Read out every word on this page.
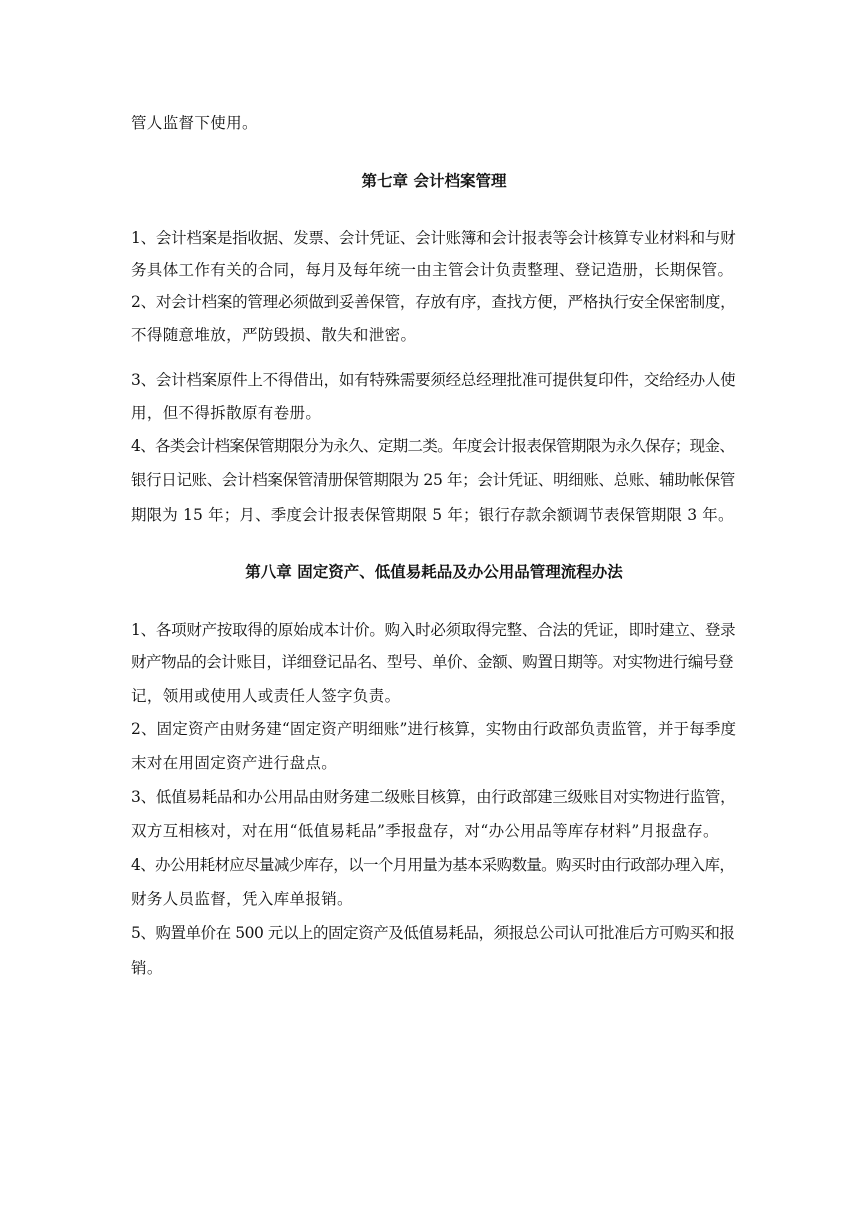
管人监督下使用。
第七章 会计档案管理
1、会计档案是指收据、发票、会计凭证、会计账簿和会计报表等会计核算专业材料和与财
务具体工作有关的合同，每月及每年统一由主管会计负责整理、登记造册，长期保管。
2、对会计档案的管理必须做到妥善保管，存放有序，查找方便，严格执行安全保密制度，
不得随意堆放，严防毁损、散失和泄密。
3、会计档案原件上不得借出，如有特殊需要须经总经理批准可提供复印件，交给经办人使
用，但不得拆散原有卷册。
4、各类会计档案保管期限分为永久、定期二类。年度会计报表保管期限为永久保存；现金、
银行日记账、会计档案保管清册保管期限为 25 年；会计凭证、明细账、总账、辅助帐保管
期限为 15 年；月、季度会计报表保管期限 5 年；银行存款余额调节表保管期限 3 年。
第八章 固定资产、低值易耗品及办公用品管理流程办法
1、各项财产按取得的原始成本计价。购入时必须取得完整、合法的凭证，即时建立、登录
财产物品的会计账目，详细登记品名、型号、单价、金额、购置日期等。对实物进行编号登
记，领用或使用人或责任人签字负责。
2、固定资产由财务建“固定资产明细账”进行核算，实物由行政部负责监管，并于每季度
末对在用固定资产进行盘点。
3、低值易耗品和办公用品由财务建二级账目核算，由行政部建三级账目对实物进行监管，
双方互相核对，对在用“低值易耗品”季报盘存，对“办公用品等库存材料”月报盘存。
4、办公用耗材应尽量减少库存，以一个月用量为基本采购数量。购买时由行政部办理入库，
财务人员监督，凭入库单报销。
5、购置单价在 500 元以上的固定资产及低值易耗品，须报总公司认可批准后方可购买和报
销。
